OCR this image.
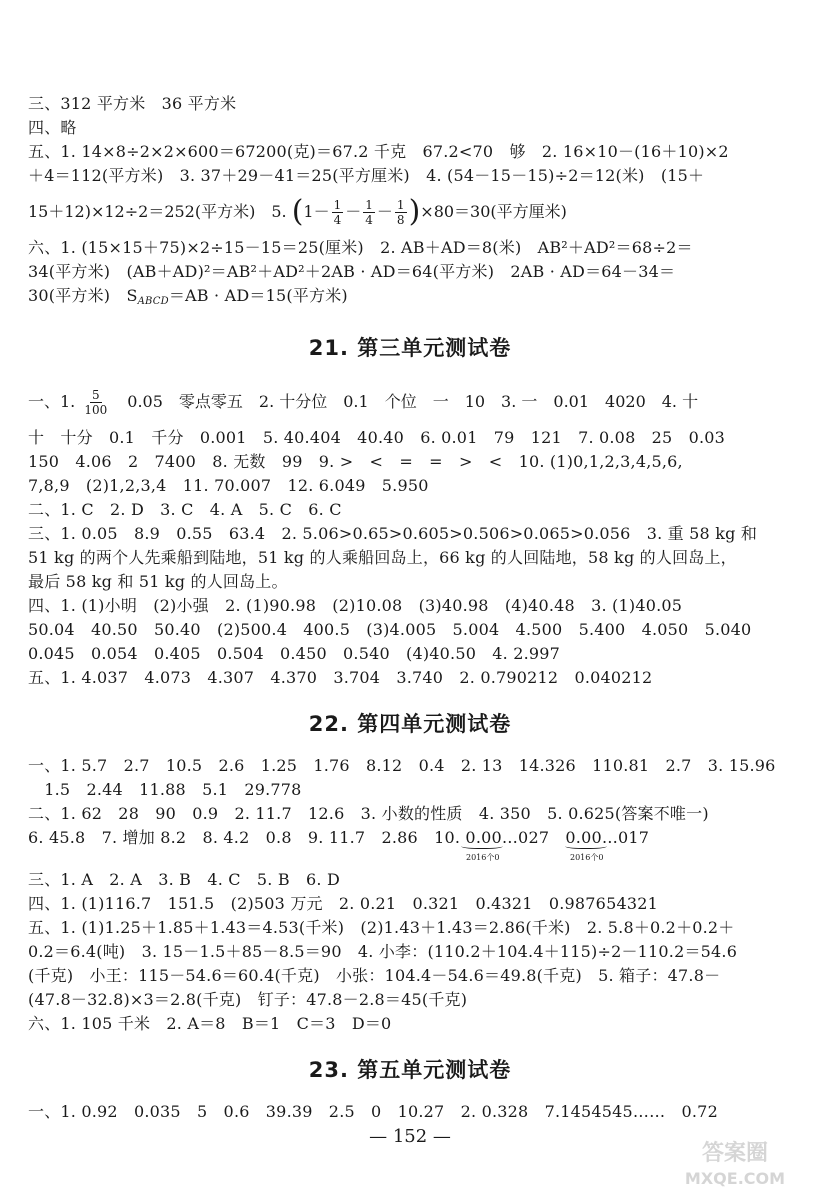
三、312 平方米　36 平方米
四、略
五、1. 14×8÷2×2×600＝67200(克)＝67.2 千克　67.2<70　够　2. 16×10－(16＋10)×2
＋4＝112(平方米)　3. 37＋29－41＝25(平方厘米)　4. (54－15－15)÷2＝12(米)　(15＋
15＋12)×12÷2＝252(平方米)　5. ( $1- \frac{1}{4} - \frac{1}{4} - \frac{1}{8}$ ) ×80＝30(平方厘米)
六、1. (15×15＋75)×2÷15－15＝25(厘米)　2. AB＋AD＝8(米)　AB²＋AD²＝68÷2＝
34(平方米)　(AB＋AD)²＝AB²＋AD²＋2AB · AD＝64(平方米)　2AB · AD＝64－34＝
30(平方米)　$S_{ABCD}=AB \cdot AD=15$(平方米)
21. 第三单元测试卷
一、1. $\frac{5}{100}$ 　0.05　零点零五　2. 十分位　0.1　个位　一　10　3. 一　0.01　4020　4. 十
十　十分　0.1　千分　0.001　5. 40.404　40.40　6. 0.01　79　121　7. 0.08　25　0.03
150　4.06　2　7400　8. 无数　99　9. >　<　=　=　>　<　10. (1)0,1,2,3,4,5,6,
7,8,9　(2)1,2,3,4　11. 70.007　12. 6.049　5.950
二、1. C　2. D　3. C　4. A　5. C　6. C
三、1. 0.05　8.9　0.55　63.4　2. 5.06>0.65>0.605>0.506>0.065>0.056　3. 重 58 kg 和
51 kg 的两个人先乘船到陆地，51 kg 的人乘船回岛上，66 kg 的人回陆地，58 kg 的人回岛上，
最后 58 kg 和 51 kg 的人回岛上。
四、1. (1)小明　(2)小强　2. (1)90.98　(2)10.08　(3)40.98　(4)40.48　3. (1)40.05
50.04　40.50　50.40　(2)500.4　400.5　(3)4.005　5.004　4.500　5.400　4.050　5.040
0.045　0.054　0.405　0.504　0.450　0.540　(4)40.50　4. 2.997
五、1. 4.037　4.073　4.307　4.370　3.704　3.740　2. 0.790212　0.040212
22. 第四单元测试卷
一、1. 5.7　2.7　10.5　2.6　1.25　1.76　8.12　0.4　2. 13　14.326　110.81　2.7　3. 15.96
　1.5　2.44　11.88　5.1　29.778
二、1. 62　28　90　0.9　2. 11.7　12.6　3. 小数的性质　4. 350　5. 0.625(答案不唯一)
6. 45.8　7. 增加 8.2　8. 4.2　0.8　9. 11.7　2.86　10. 0.00…027　0.00…017
2016个0	2016个0
三、1. A　2. A　3. B　4. C　5. B　6. D
四、1. (1)116.7　151.5　(2)503 万元　2. 0.21　0.321　0.4321　0.987654321
五、1. (1)1.25＋1.85＋1.43＝4.53(千米)　(2)1.43＋1.43＝2.86(千米)　2. 5.8＋0.2＋0.2＋
0.2＝6.4(吨)　3. 15－1.5＋85－8.5＝90　4. 小李：(110.2＋104.4＋115)÷2－110.2＝54.6
(千克)　小王：115－54.6＝60.4(千克)　小张：104.4－54.6＝49.8(千克)　5. 箱子：47.8－
(47.8－32.8)×3＝2.8(千克)　钉子：47.8－2.8＝45(千克)
六、1. 105 千米　2. A＝8　B＝1　C＝3　D＝0
23. 第五单元测试卷
一、1. 0.92　0.035　5　0.6　39.39　2.5　0　10.27　2. 0.328　7.1454545……　0.72
— 152 —
答案圈
MXQE.COM
